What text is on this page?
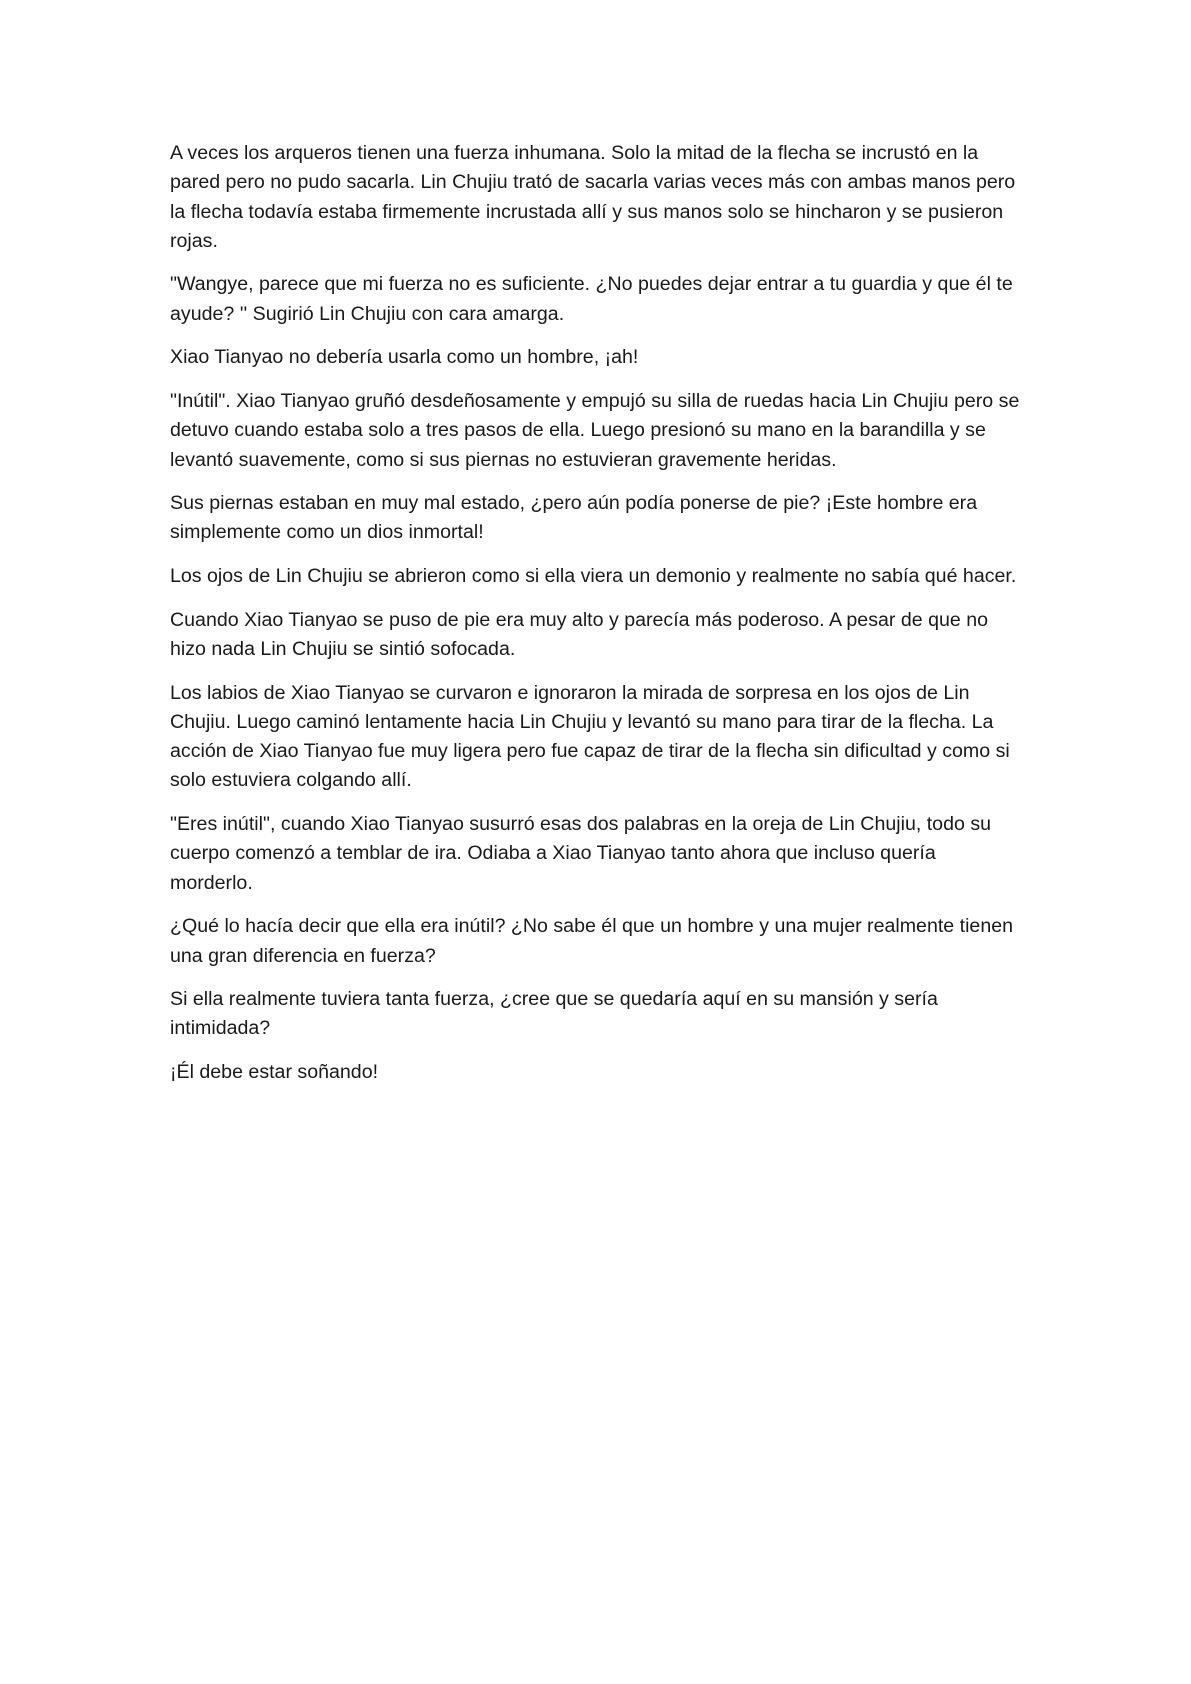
A veces los arqueros tienen una fuerza inhumana. Solo la mitad de la flecha se incrustó en la pared pero no pudo sacarla. Lin Chujiu trató de sacarla varias veces más con ambas manos pero la flecha todavía estaba firmemente incrustada allí y sus manos solo se hincharon y se pusieron rojas.

"Wangye, parece que mi fuerza no es suficiente. ¿No puedes dejar entrar a tu guardia y que él te ayude? '' Sugirió Lin Chujiu con cara amarga.

Xiao Tianyao no debería usarla como un hombre, ¡ah!

"Inútil". Xiao Tianyao gruñó desdeñosamente y empujó su silla de ruedas hacia Lin Chujiu pero se detuvo cuando estaba solo a tres pasos de ella. Luego presionó su mano en la barandilla y se levantó suavemente, como si sus piernas no estuvieran gravemente heridas.

Sus piernas estaban en muy mal estado, ¿pero aún podía ponerse de pie? ¡Este hombre era simplemente como un dios inmortal!

Los ojos de Lin Chujiu se abrieron como si ella viera un demonio y realmente no sabía qué hacer.

Cuando Xiao Tianyao se puso de pie era muy alto y parecía más poderoso. A pesar de que no hizo nada Lin Chujiu se sintió sofocada.

Los labios de Xiao Tianyao se curvaron e ignoraron la mirada de sorpresa en los ojos de Lin Chujiu. Luego caminó lentamente hacia Lin Chujiu y levantó su mano para tirar de la flecha. La acción de Xiao Tianyao fue muy ligera pero fue capaz de tirar de la flecha sin dificultad y como si solo estuviera colgando allí.

"Eres inútil", cuando Xiao Tianyao susurró esas dos palabras en la oreja de Lin Chujiu, todo su cuerpo comenzó a temblar de ira. Odiaba a Xiao Tianyao tanto ahora que incluso quería morderlo.

¿Qué lo hacía decir que ella era inútil? ¿No sabe él que un hombre y una mujer realmente tienen una gran diferencia en fuerza?

Si ella realmente tuviera tanta fuerza, ¿cree que se quedaría aquí en su mansión y sería intimidada?

¡Él debe estar soñando!
